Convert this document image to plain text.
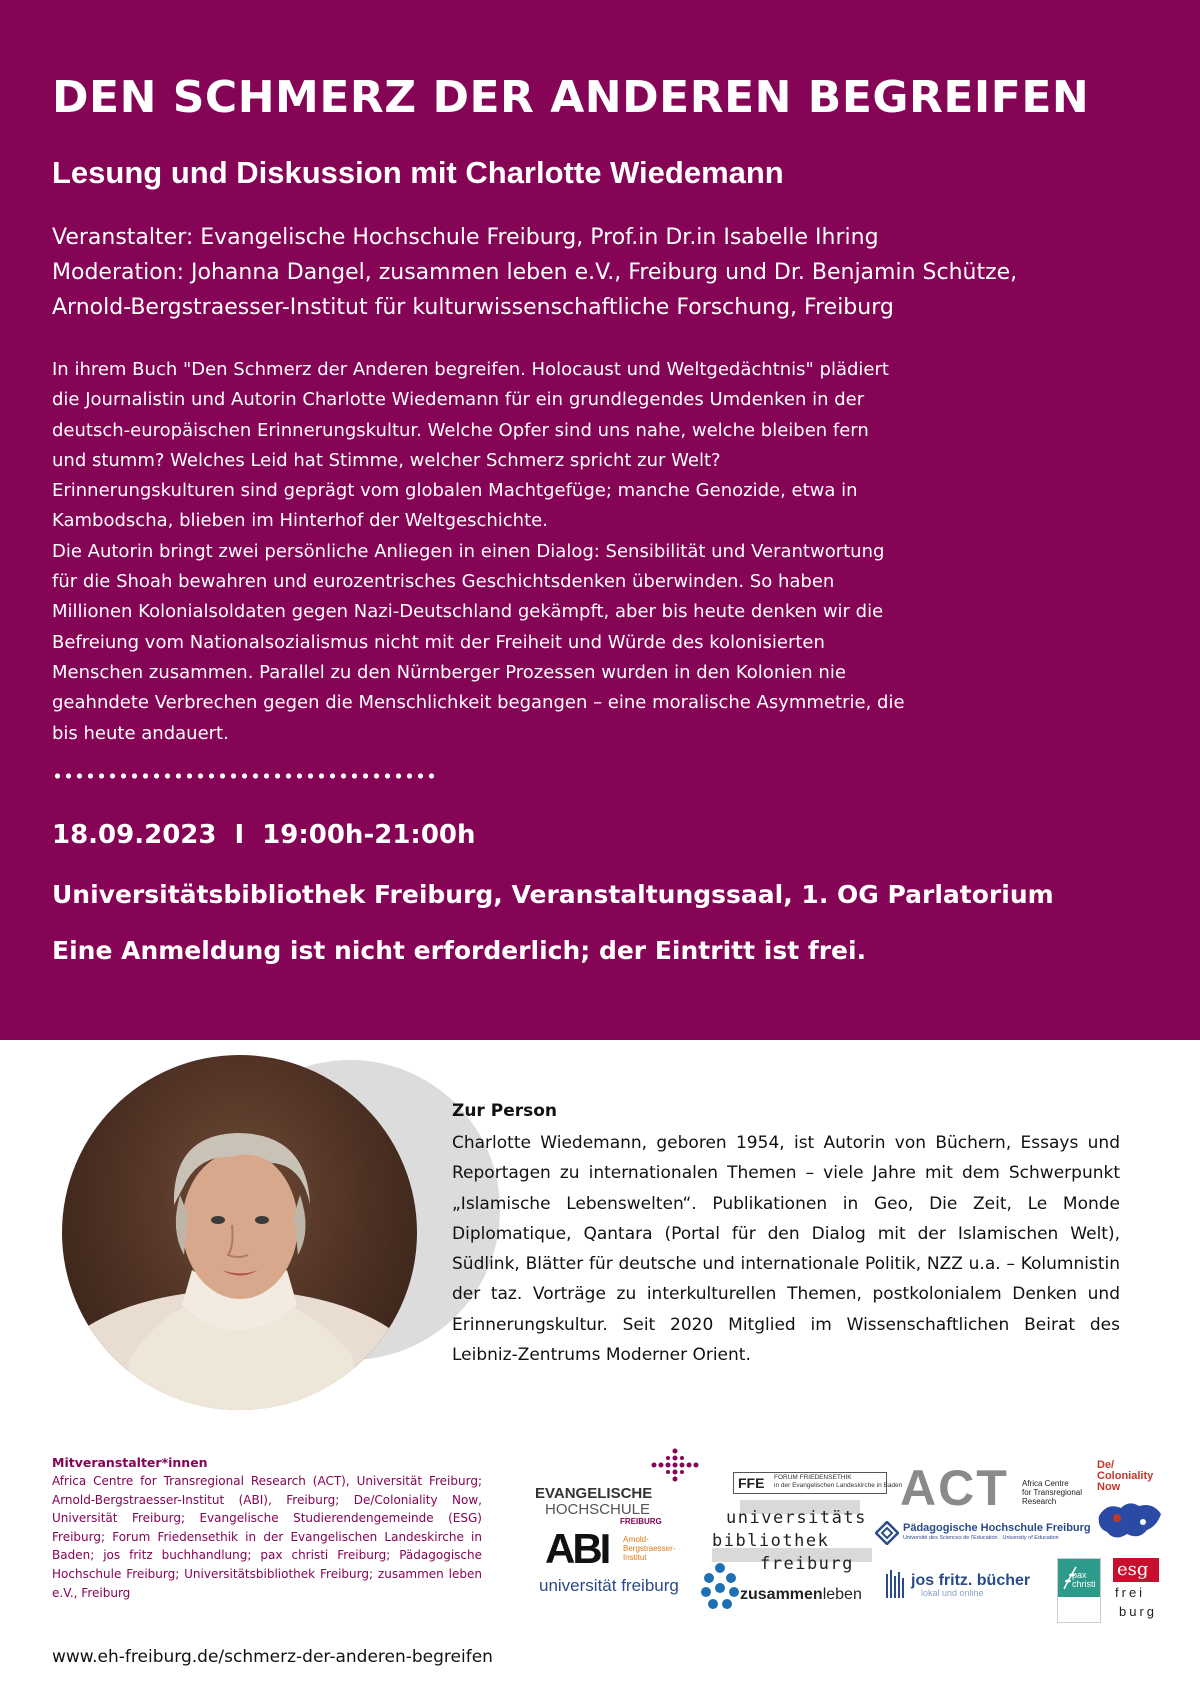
DEN SCHMERZ DER ANDEREN BEGREIFEN
Lesung und Diskussion mit Charlotte Wiedemann
Veranstalter: Evangelische Hochschule Freiburg, Prof.in Dr.in Isabelle Ihring
Moderation: Johanna Dangel, zusammen leben e.V., Freiburg und Dr. Benjamin Schütze,
Arnold-Bergstraesser-Institut für kulturwissenschaftliche Forschung, Freiburg
In ihrem Buch "Den Schmerz der Anderen begreifen. Holocaust und Weltgedächtnis" plädiert
die Journalistin und Autorin Charlotte Wiedemann für ein grundlegendes Umdenken in der
deutsch-europäischen Erinnerungskultur. Welche Opfer sind uns nahe, welche bleiben fern
und stumm? Welches Leid hat Stimme, welcher Schmerz spricht zur Welt?
Erinnerungskulturen sind geprägt vom globalen Machtgefüge; manche Genozide, etwa in
Kambodscha, blieben im Hinterhof der Weltgeschichte.
Die Autorin bringt zwei persönliche Anliegen in einen Dialog: Sensibilität und Verantwortung
für die Shoah bewahren und eurozentrisches Geschichtsdenken überwinden. So haben
Millionen Kolonialsoldaten gegen Nazi-Deutschland gekämpft, aber bis heute denken wir die
Befreiung vom Nationalsozialismus nicht mit der Freiheit und Würde des kolonisierten
Menschen zusammen. Parallel zu den Nürnberger Prozessen wurden in den Kolonien nie
geahndete Verbrechen gegen die Menschlichkeit begangen – eine moralische Asymmetrie, die
bis heute andauert.
18.09.2023 I 19:00h-21:00h
Universitätsbibliothek Freiburg, Veranstaltungssaal, 1. OG Parlatorium
Eine Anmeldung ist nicht erforderlich; der Eintritt ist frei.
Zur Person
Charlotte Wiedemann, geboren 1954, ist Autorin von Büchern, Essays und Reportagen zu internationalen Themen – viele Jahre mit dem Schwerpunkt „Islamische Lebenswelten“. Publikationen in Geo, Die Zeit, Le Monde Diplomatique, Qantara (Portal für den Dialog mit der Islamischen Welt), Südlink, Blätter für deutsche und internationale Politik, NZZ u.a. – Kolumnistin der taz. Vorträge zu interkulturellen Themen, postkolonialem Denken und Erinnerungskultur. Seit 2020 Mitglied im Wissenschaftlichen Beirat des Leibniz-Zentrums Moderner Orient.
Mitveranstalter*innen
Africa Centre for Transregional Research (ACT), Universität Freiburg; Arnold-Bergstraesser-Institut (ABI), Freiburg; De/Coloniality Now, Universität Freiburg; Evangelische Studierendengemeinde (ESG) Freiburg; Forum Friedensethik in der Evangelischen Landeskirche in Baden; jos fritz buchhandlung; pax christi Freiburg; Pädagogische Hochschule Freiburg; Universitätsbibliothek Freiburg; zusammen leben e.V., Freiburg
EVANGELISCHE
HOCHSCHULE
FREIBURG
FFE FORUM FRIEDENSETHIK
in der Evangelischen Landeskirche in Baden
universitäts
bibliothek
freiburg
ACT Africa Centre
for Transregional
Research
Pädagogische Hochschule Freiburg
Université des Sciences de l'Education · University of Education
De/
Coloniality
Now
ABI Arnold-
Bergstraesser-
Institut
universität freiburg	zusammenleben
jos fritz. bücher
lokal und online
pax
christi
esg
frei
burg
www.eh-freiburg.de/schmerz-der-anderen-begreifen
